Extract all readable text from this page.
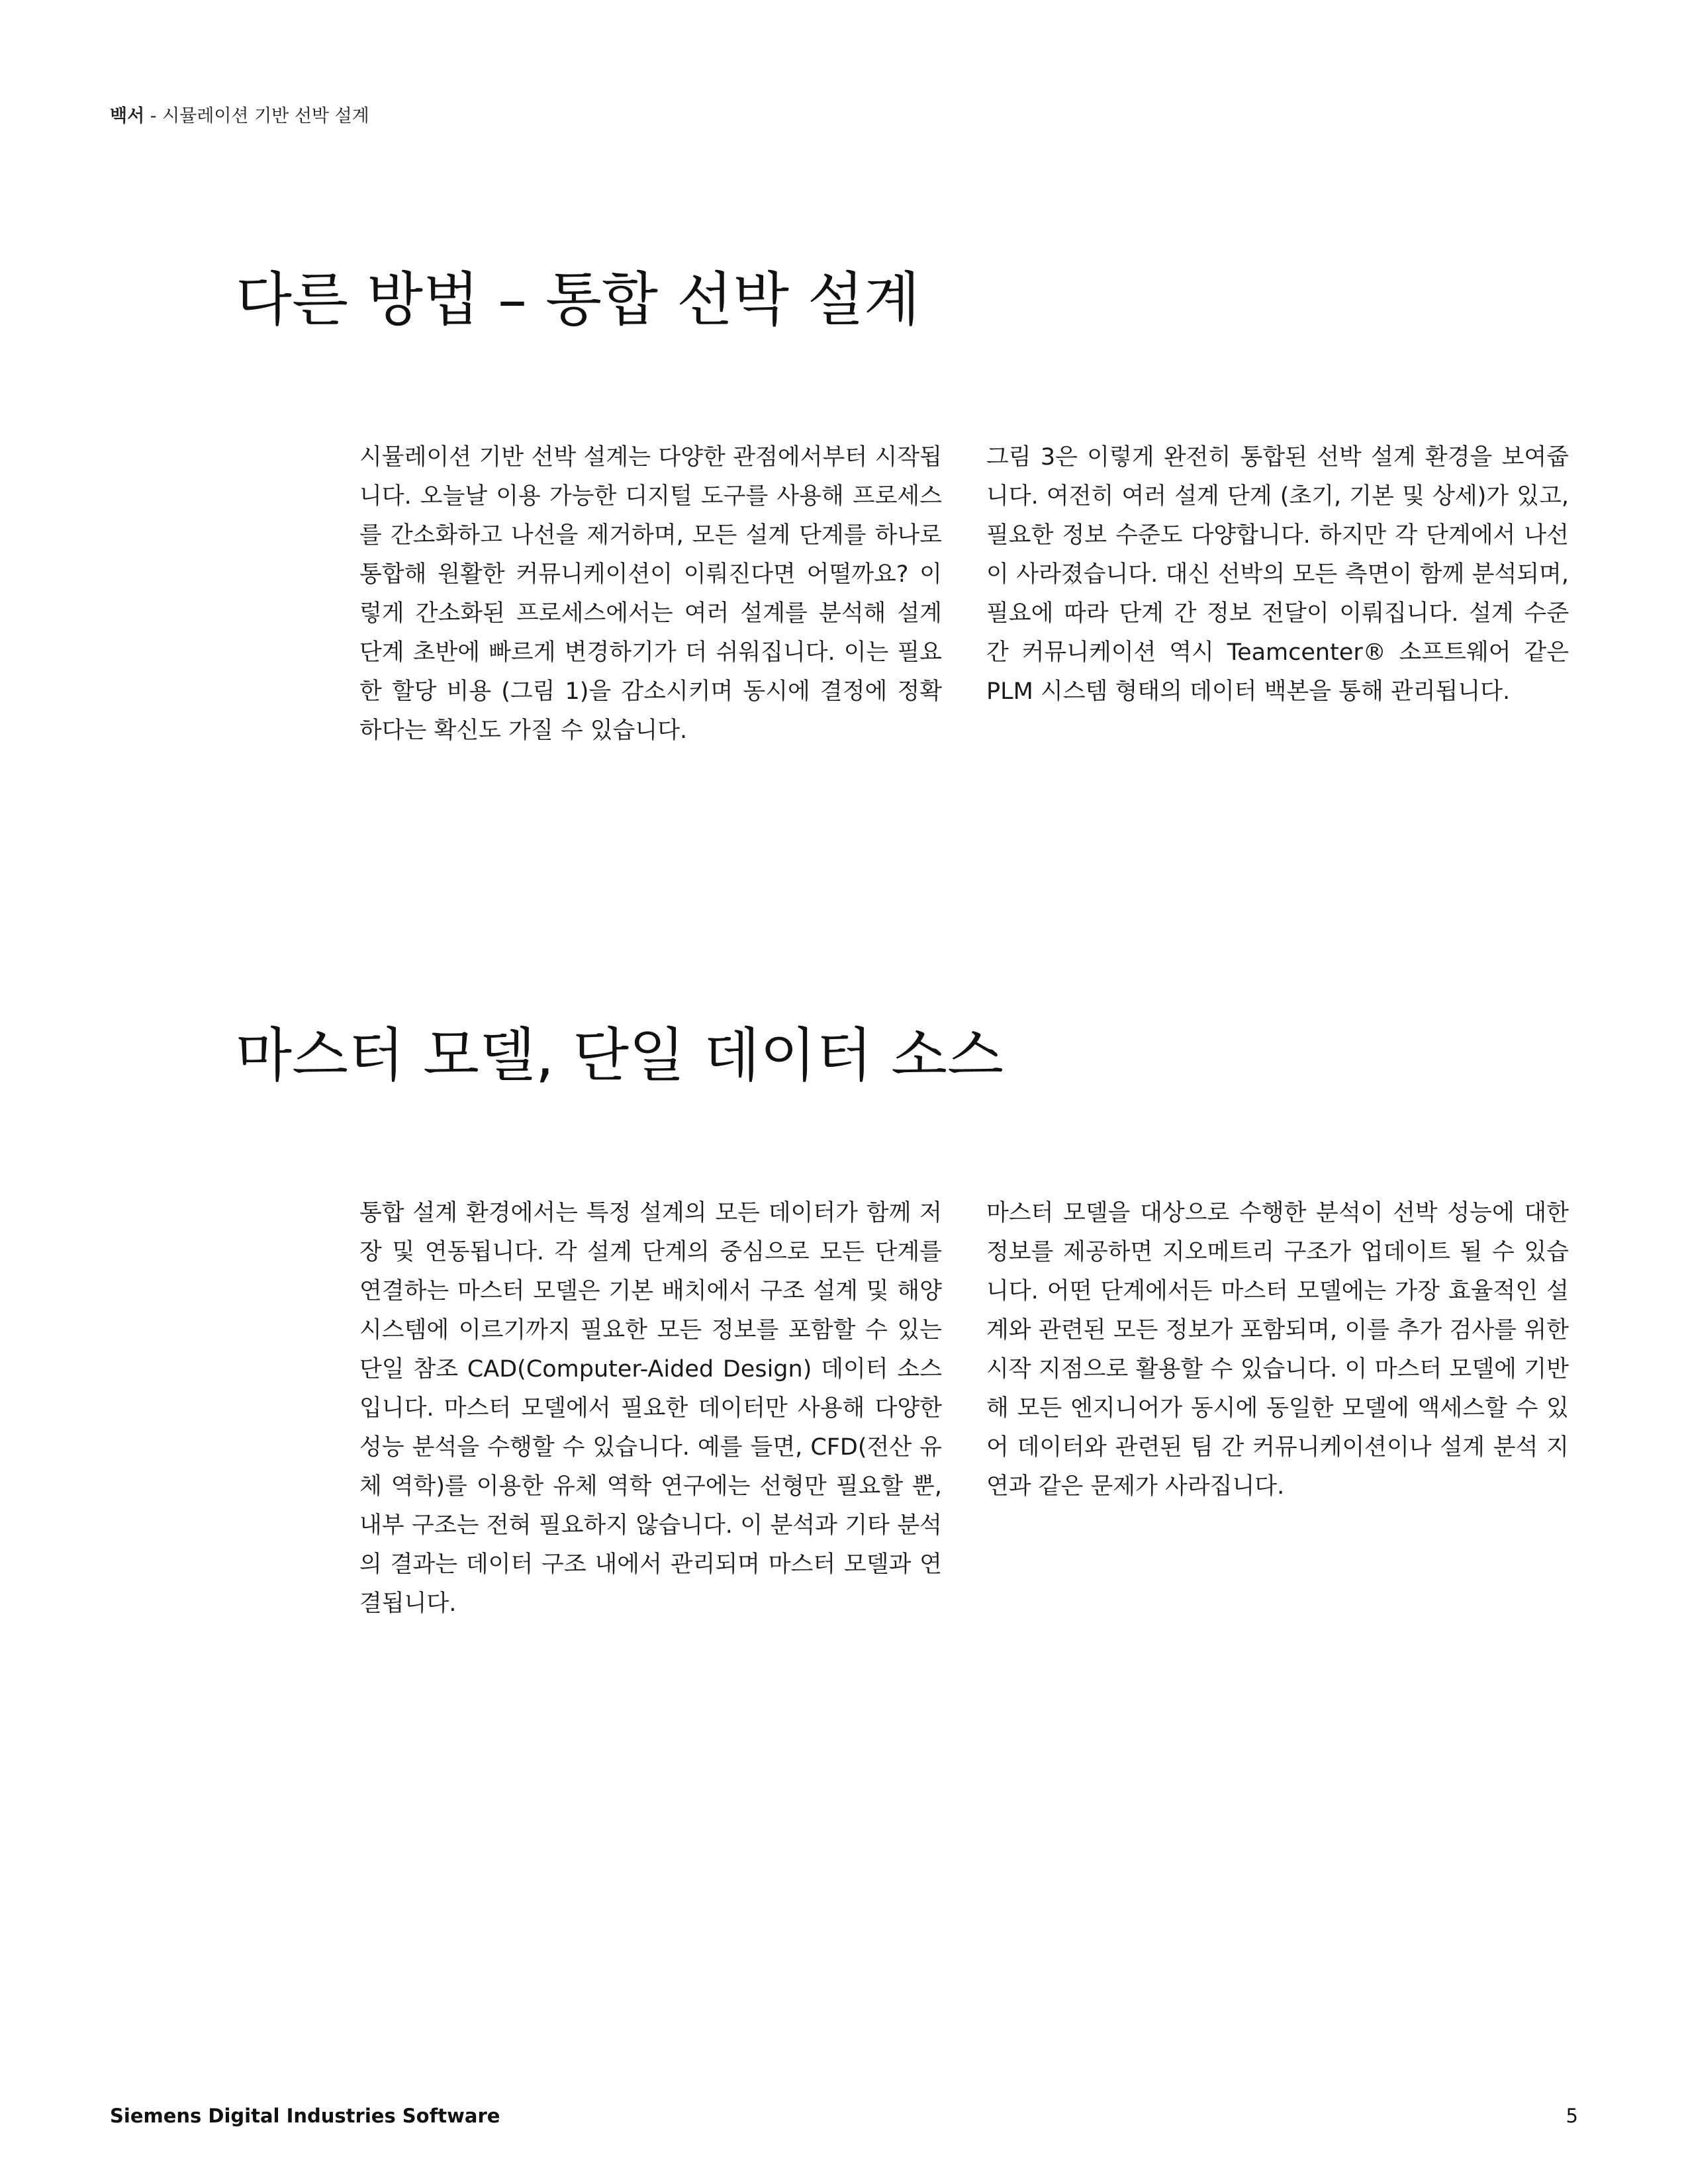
백서 - 시뮬레이션 기반 선박 설계
다른 방법 – 통합 선박 설계

시뮬레이션 기반 선박 설계는 다양한 관점에서부터 시작됩니다. 오늘날 이용 가능한 디지털 도구를 사용해 프로세스를 간소화하고 나선을 제거하며, 모든 설계 단계를 하나로 통합해 원활한 커뮤니케이션이 이뤄진다면 어떨까요? 이렇게 간소화된 프로세스에서는 여러 설계를 분석해 설계 단계 초반에 빠르게 변경하기가 더 쉬워집니다. 이는 필요한 할당 비용 (그림 1)을 감소시키며 동시에 결정에 정확하다는 확신도 가질 수 있습니다.

그림 3은 이렇게 완전히 통합된 선박 설계 환경을 보여줍니다. 여전히 여러 설계 단계 (초기, 기본 및 상세)가 있고, 필요한 정보 수준도 다양합니다. 하지만 각 단계에서 나선이 사라졌습니다. 대신 선박의 모든 측면이 함께 분석되며, 필요에 따라 단계 간 정보 전달이 이뤄집니다. 설계 수준 간 커뮤니케이션 역시 Teamcenter® 소프트웨어 같은 PLM 시스템 형태의 데이터 백본을 통해 관리됩니다.

마스터 모델, 단일 데이터 소스

통합 설계 환경에서는 특정 설계의 모든 데이터가 함께 저장 및 연동됩니다. 각 설계 단계의 중심으로 모든 단계를 연결하는 마스터 모델은 기본 배치에서 구조 설계 및 해양 시스템에 이르기까지 필요한 모든 정보를 포함할 수 있는 단일 참조 CAD(Computer-Aided Design) 데이터 소스입니다. 마스터 모델에서 필요한 데이터만 사용해 다양한 성능 분석을 수행할 수 있습니다. 예를 들면, CFD(전산 유체 역학)를 이용한 유체 역학 연구에는 선형만 필요할 뿐, 내부 구조는 전혀 필요하지 않습니다. 이 분석과 기타 분석의 결과는 데이터 구조 내에서 관리되며 마스터 모델과 연결됩니다.

마스터 모델을 대상으로 수행한 분석이 선박 성능에 대한 정보를 제공하면 지오메트리 구조가 업데이트 될 수 있습니다. 어떤 단계에서든 마스터 모델에는 가장 효율적인 설계와 관련된 모든 정보가 포함되며, 이를 추가 검사를 위한 시작 지점으로 활용할 수 있습니다. 이 마스터 모델에 기반해 모든 엔지니어가 동시에 동일한 모델에 액세스할 수 있어 데이터와 관련된 팀 간 커뮤니케이션이나 설계 분석 지연과 같은 문제가 사라집니다.

Siemens Digital Industries Software	5
